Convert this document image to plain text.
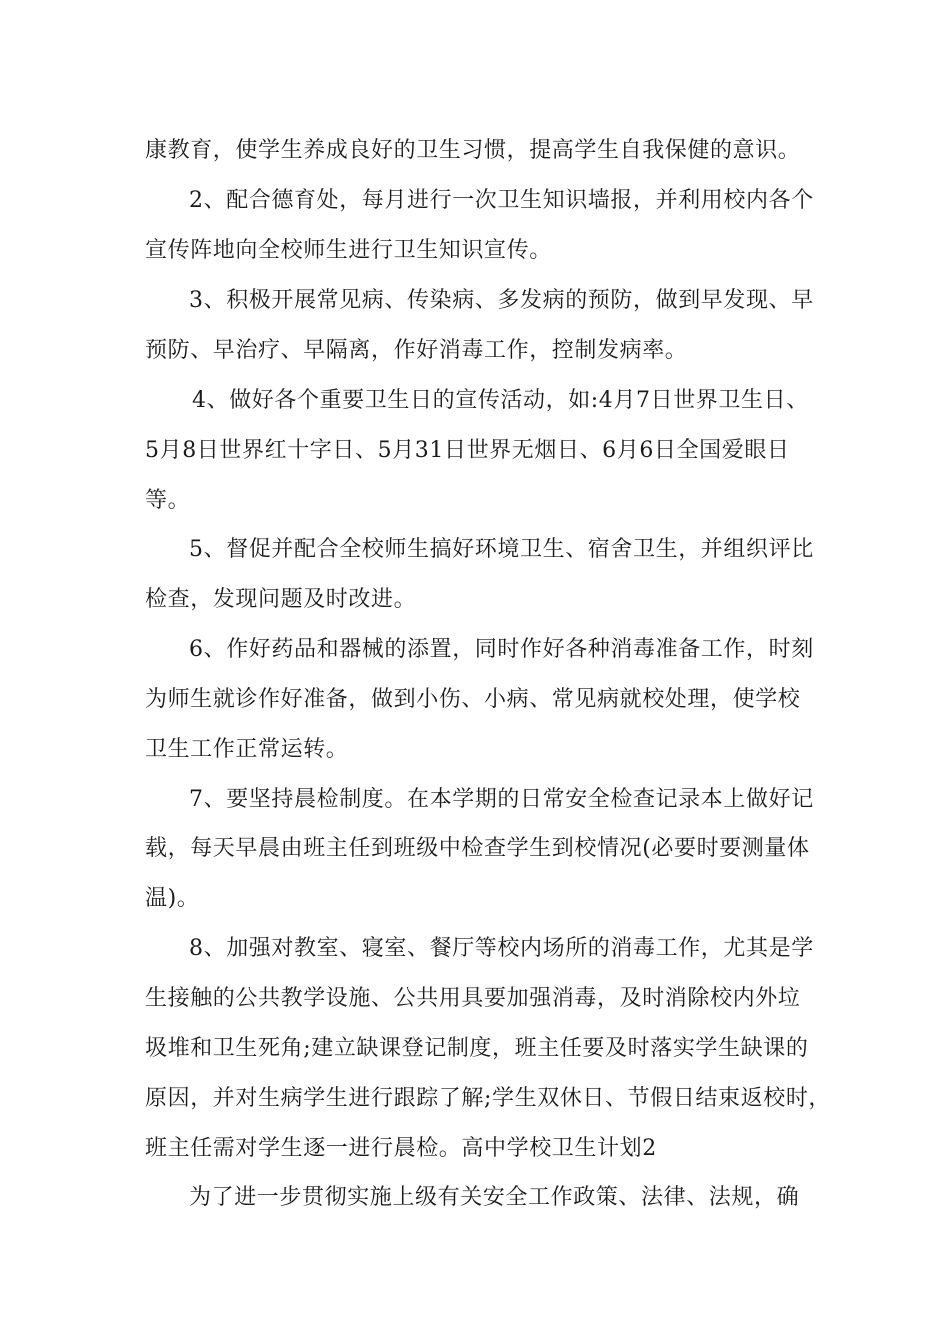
康教育，使学生养成良好的卫生习惯，提高学生自我保健的意识。
2、配合德育处，每月进行一次卫生知识墙报，并利用校内各个
宣传阵地向全校师生进行卫生知识宣传。
3、积极开展常见病、传染病、多发病的预防，做到早发现、早
预防、早治疗、早隔离，作好消毒工作，控制发病率。
4、做好各个重要卫生日的宣传活动，如:4月7日世界卫生日、
5月8日世界红十字日、5月31日世界无烟日、6月6日全国爱眼日
等。
5、督促并配合全校师生搞好环境卫生、宿舍卫生，并组织评比
检查，发现问题及时改进。
6、作好药品和器械的添置，同时作好各种消毒准备工作，时刻
为师生就诊作好准备，做到小伤、小病、常见病就校处理，使学校
卫生工作正常运转。
7、要坚持晨检制度。在本学期的日常安全检查记录本上做好记
载，每天早晨由班主任到班级中检查学生到校情况(必要时要测量体
温)。
8、加强对教室、寝室、餐厅等校内场所的消毒工作，尤其是学
生接触的公共教学设施、公共用具要加强消毒，及时消除校内外垃
圾堆和卫生死角;建立缺课登记制度，班主任要及时落实学生缺课的
原因，并对生病学生进行跟踪了解;学生双休日、节假日结束返校时，
班主任需对学生逐一进行晨检。高中学校卫生计划2
为了进一步贯彻实施上级有关安全工作政策、法律、法规，确
